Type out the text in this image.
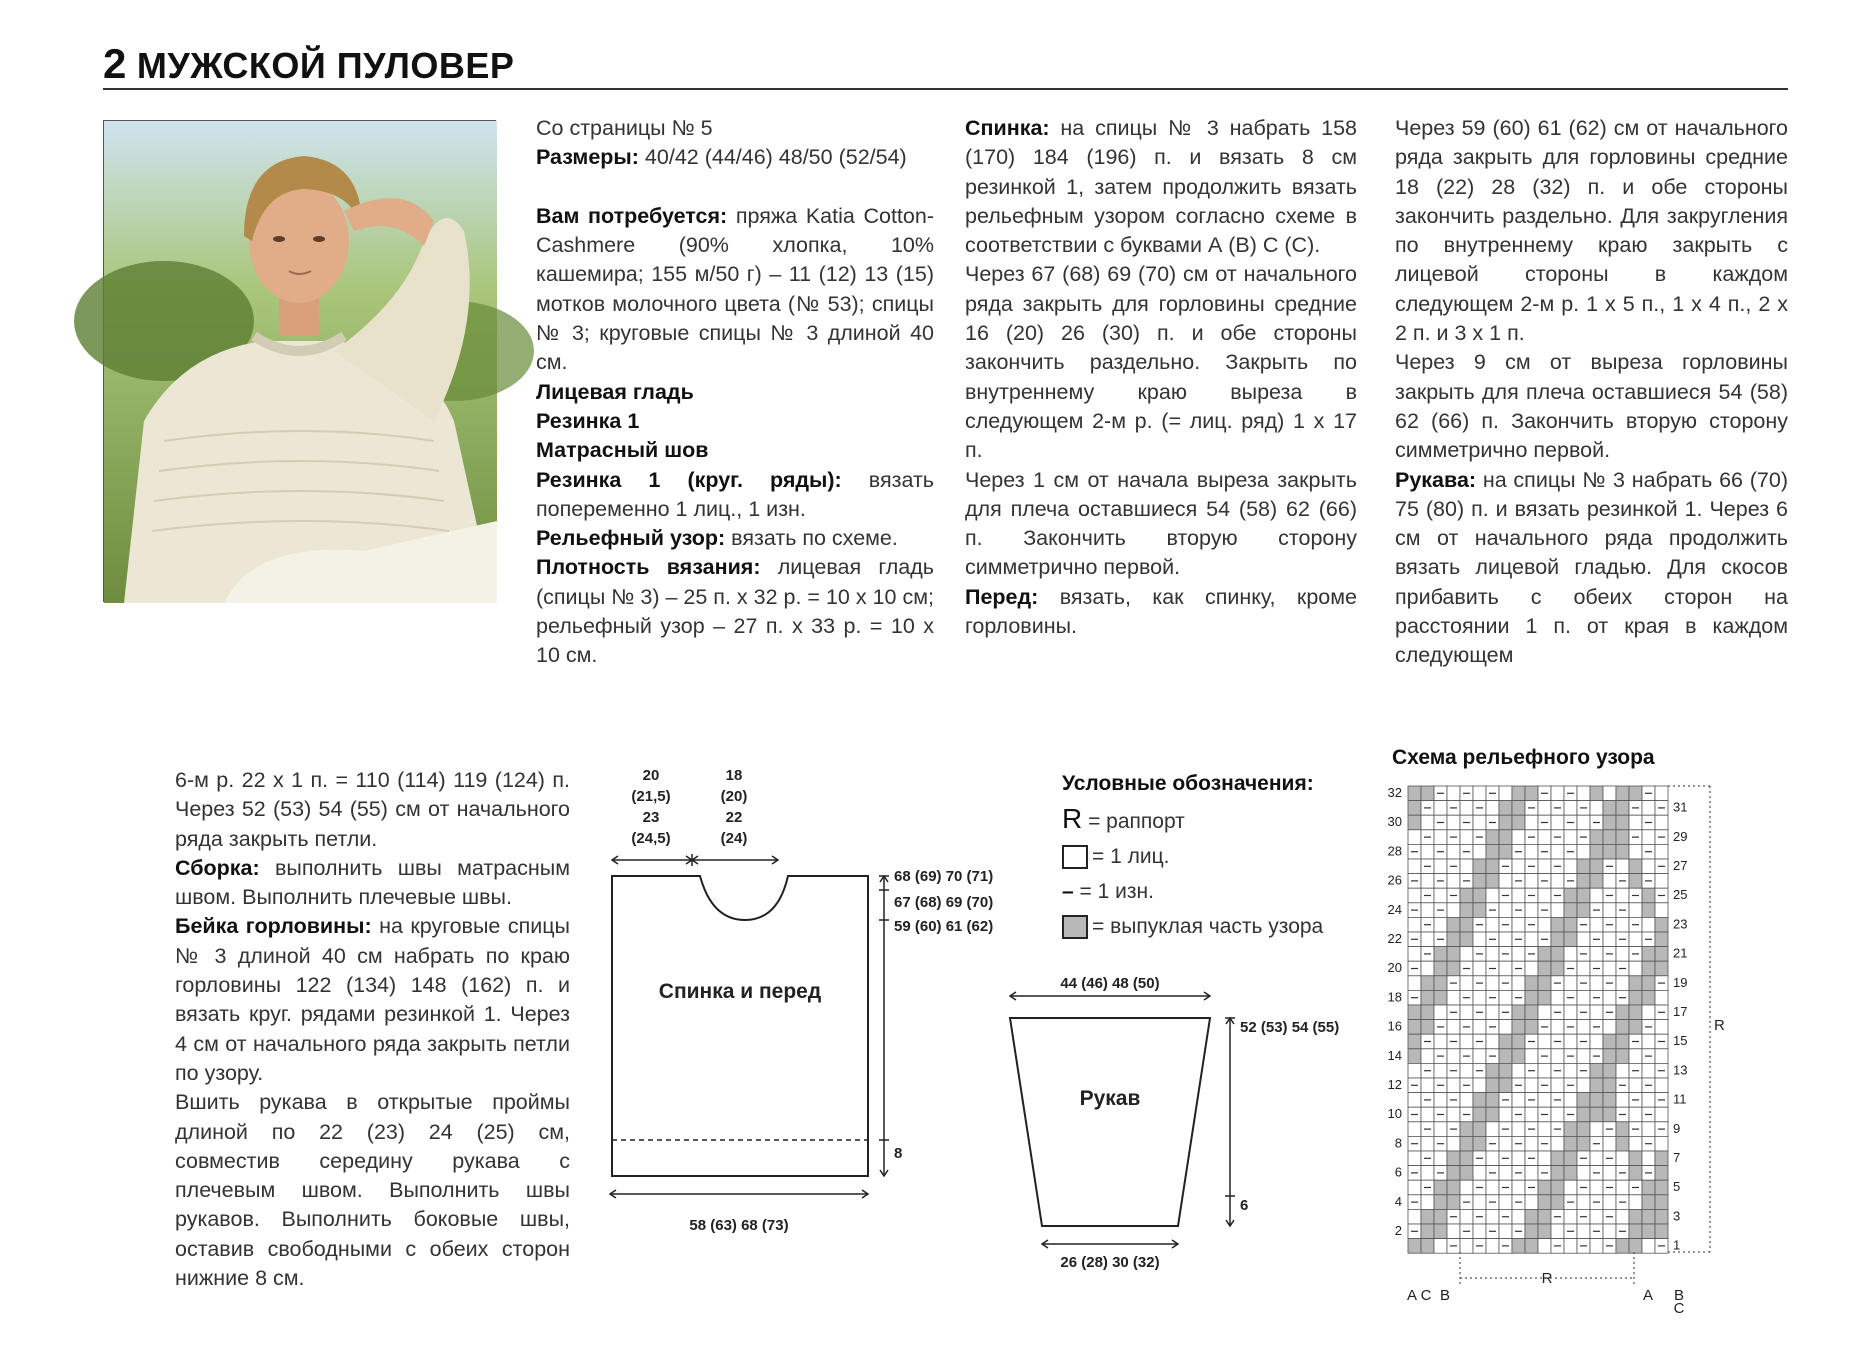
2 МУЖСКОЙ ПУЛОВЕР

Со страницы № 5

Размеры: 40/42 (44/46) 48/50 (52/54)

Вам потребуется: пряжа Katia Cotton-Cashmere (90% хлопка, 10% кашемира; 155 м/50 г) – 11 (12) 13 (15) мотков молочного цвета (№ 53); спицы № 3; круговые спицы № 3 длиной 40 см.

Лицевая гладь

Резинка 1

Матрасный шов

Резинка 1 (круг. ряды): вязать попеременно 1 лиц., 1 изн.

Рельефный узор: вязать по схеме.

Плотность вязания: лицевая гладь (спицы № 3) – 25 п. х 32 р. = 10 х 10 см; рельефный узор – 27 п. х 33 р. = 10 х 10 см.

Спинка: на спицы № 3 набрать 158 (170) 184 (196) п. и вязать 8 см резинкой 1, затем продолжить вязать рельефным узором согласно схеме в соответствии с буквами А (В) С (С).

Через 67 (68) 69 (70) см от начального ряда закрыть для горловины средние 16 (20) 26 (30) п. и обе стороны закончить раздельно. Закрыть по внутреннему краю выреза в следующем 2-м р. (= лиц. ряд) 1 х 17 п.

Через 1 см от начала выреза закрыть для плеча оставшиеся 54 (58) 62 (66) п. Закончить вторую сторону симметрично первой.

Перед: вязать, как спинку, кроме горловины.

Через 59 (60) 61 (62) см от начального ряда закрыть для горловины средние 18 (22) 28 (32) п. и обе стороны закончить раздельно. Для закругления по внутреннему краю закрыть с лицевой стороны в каждом следующем 2-м р. 1 х 5 п., 1 х 4 п., 2 х 2 п. и 3 х 1 п.

Через 9 см от выреза горловины закрыть для плеча оставшиеся 54 (58) 62 (66) п. Закончить вторую сторону симметрично первой.

Рукава: на спицы № 3 набрать 66 (70) 75 (80) п. и вязать резинкой 1. Через 6 см от начального ряда продолжить вязать лицевой гладью. Для скосов прибавить с обеих сторон на расстоянии 1 п. от края в каждом следующем

6-м р. 22 х 1 п. = 110 (114) 119 (124) п. Через 52 (53) 54 (55) см от начального ряда закрыть петли.

Сборка: выполнить швы матрасным швом. Выполнить плечевые швы.

Бейка горловины: на круговые спицы № 3 длиной 40 см набрать по краю горловины 122 (134) 148 (162) п. и вязать круг. рядами резинкой 1. Через 4 см от начального ряда закрыть петли по узору.

Вшить рукава в открытые проймы длиной по 22 (23) 24 (25) см, совместив середину рукава с плечевым швом. Выполнить швы рукавов. Выполнить боковые швы, оставив свободными с обеих сторон нижние 8 см.

20
(21,5)
23
(24,5)
18
(20)
22
(24)
68 (69) 70 (71)
67 (68) 69 (70)
59 (60) 61 (62)
8
58 (63) 68 (73)
Спинка и перед	44 (46) 48 (50)
52 (53) 54 (55)
6
26 (28) 30 (32)
Рукав
Условные обозначения:
R = раппорт
= 1 лиц.
– = 1 изн.
= выпуклая часть узора
Схема рельефного узора
32
30
28
26
24
22
20
18
16
14
12
10
8
6
4
2
31
29
27
25
23
21
19
17
15
13
11
9
7
5
3
1
R
А С В
R
А В
С
